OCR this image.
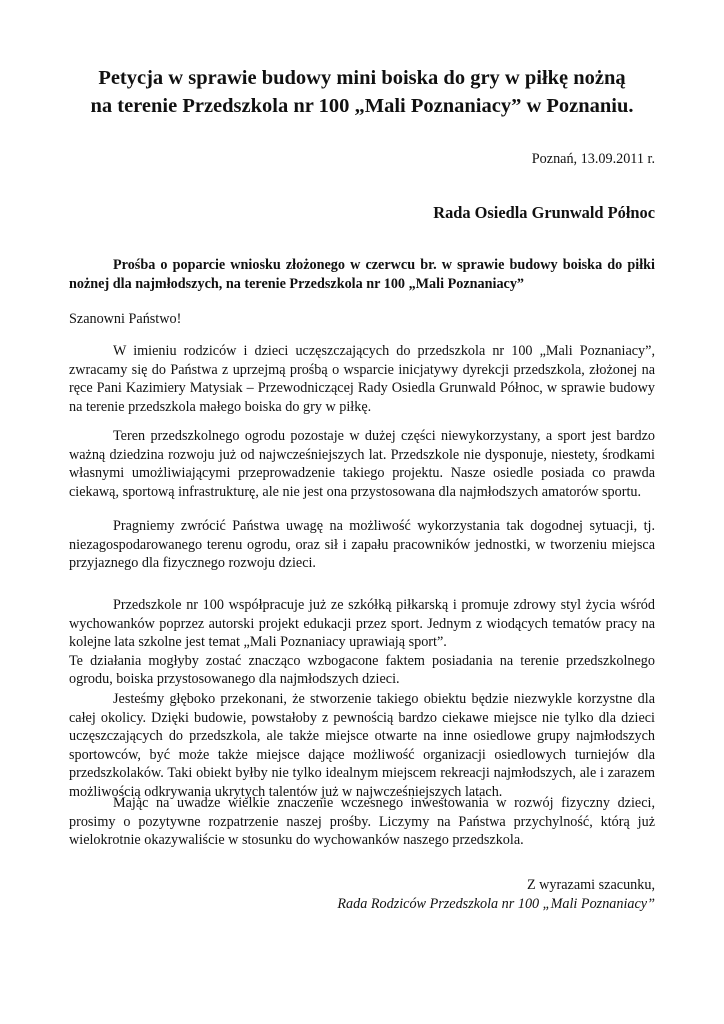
Petycja w sprawie budowy mini boiska do gry w piłkę nożną
na terenie Przedszkola nr 100 „Mali Poznaniacy” w Poznaniu.
Poznań, 13.09.2011 r.
Rada Osiedla Grunwald Północ

Prośba o poparcie wniosku złożonego w czerwcu br. w sprawie budowy boiska do piłki nożnej dla najmłodszych, na terenie Przedszkola nr 100 „Mali Poznaniacy”

Szanowni Państwo!

W imieniu rodziców i dzieci uczęszczających do przedszkola nr 100 „Mali Poznaniacy”, zwracamy się do Państwa z uprzejmą prośbą o wsparcie inicjatywy dyrekcji przedszkola, złożonej na ręce Pani Kazimiery Matysiak – Przewodniczącej Rady Osiedla Grunwald Północ, w sprawie budowy na terenie przedszkola małego boiska do gry w piłkę.

Teren przedszkolnego ogrodu pozostaje w dużej części niewykorzystany, a sport jest bardzo ważną dziedzina rozwoju już od najwcześniejszych lat. Przedszkole nie dysponuje, niestety, środkami własnymi umożliwiającymi przeprowadzenie takiego projektu. Nasze osiedle posiada co prawda ciekawą, sportową infrastrukturę, ale nie jest ona przystosowana dla najmłodszych amatorów sportu.

Pragniemy zwrócić Państwa uwagę na możliwość wykorzystania tak dogodnej sytuacji, tj. niezagospodarowanego terenu ogrodu, oraz sił i zapału pracowników jednostki, w tworzeniu miejsca przyjaznego dla fizycznego rozwoju dzieci.

Przedszkole nr 100 współpracuje już ze szkółką piłkarską i promuje zdrowy styl życia wśród wychowanków poprzez autorski projekt edukacji przez sport. Jednym z wiodących tematów pracy na kolejne lata szkolne jest temat „Mali Poznaniacy uprawiają sport”.

Te działania mogłyby zostać znacząco wzbogacone faktem posiadania na terenie przedszkolnego ogrodu, boiska przystosowanego dla najmłodszych dzieci.

Jesteśmy głęboko przekonani, że stworzenie takiego obiektu będzie niezwykle korzystne dla całej okolicy. Dzięki budowie, powstałoby z pewnością bardzo ciekawe miejsce nie tylko dla dzieci uczęszczających do przedszkola, ale także miejsce otwarte na inne osiedlowe grupy najmłodszych sportowców, być może także miejsce dające możliwość organizacji osiedlowych turniejów dla przedszkolaków. Taki obiekt byłby nie tylko idealnym miejscem rekreacji najmłodszych, ale i zarazem możliwością odkrywania ukrytych talentów już w najwcześniejszych latach.

Mając na uwadze wielkie znaczenie wczesnego inwestowania w rozwój fizyczny dzieci, prosimy o pozytywne rozpatrzenie naszej prośby. Liczymy na Państwa przychylność, którą już wielokrotnie okazywaliście w stosunku do wychowanków naszego przedszkola.

Z wyrazami szacunku,
Rada Rodziców Przedszkola nr 100 „Mali Poznaniacy”
